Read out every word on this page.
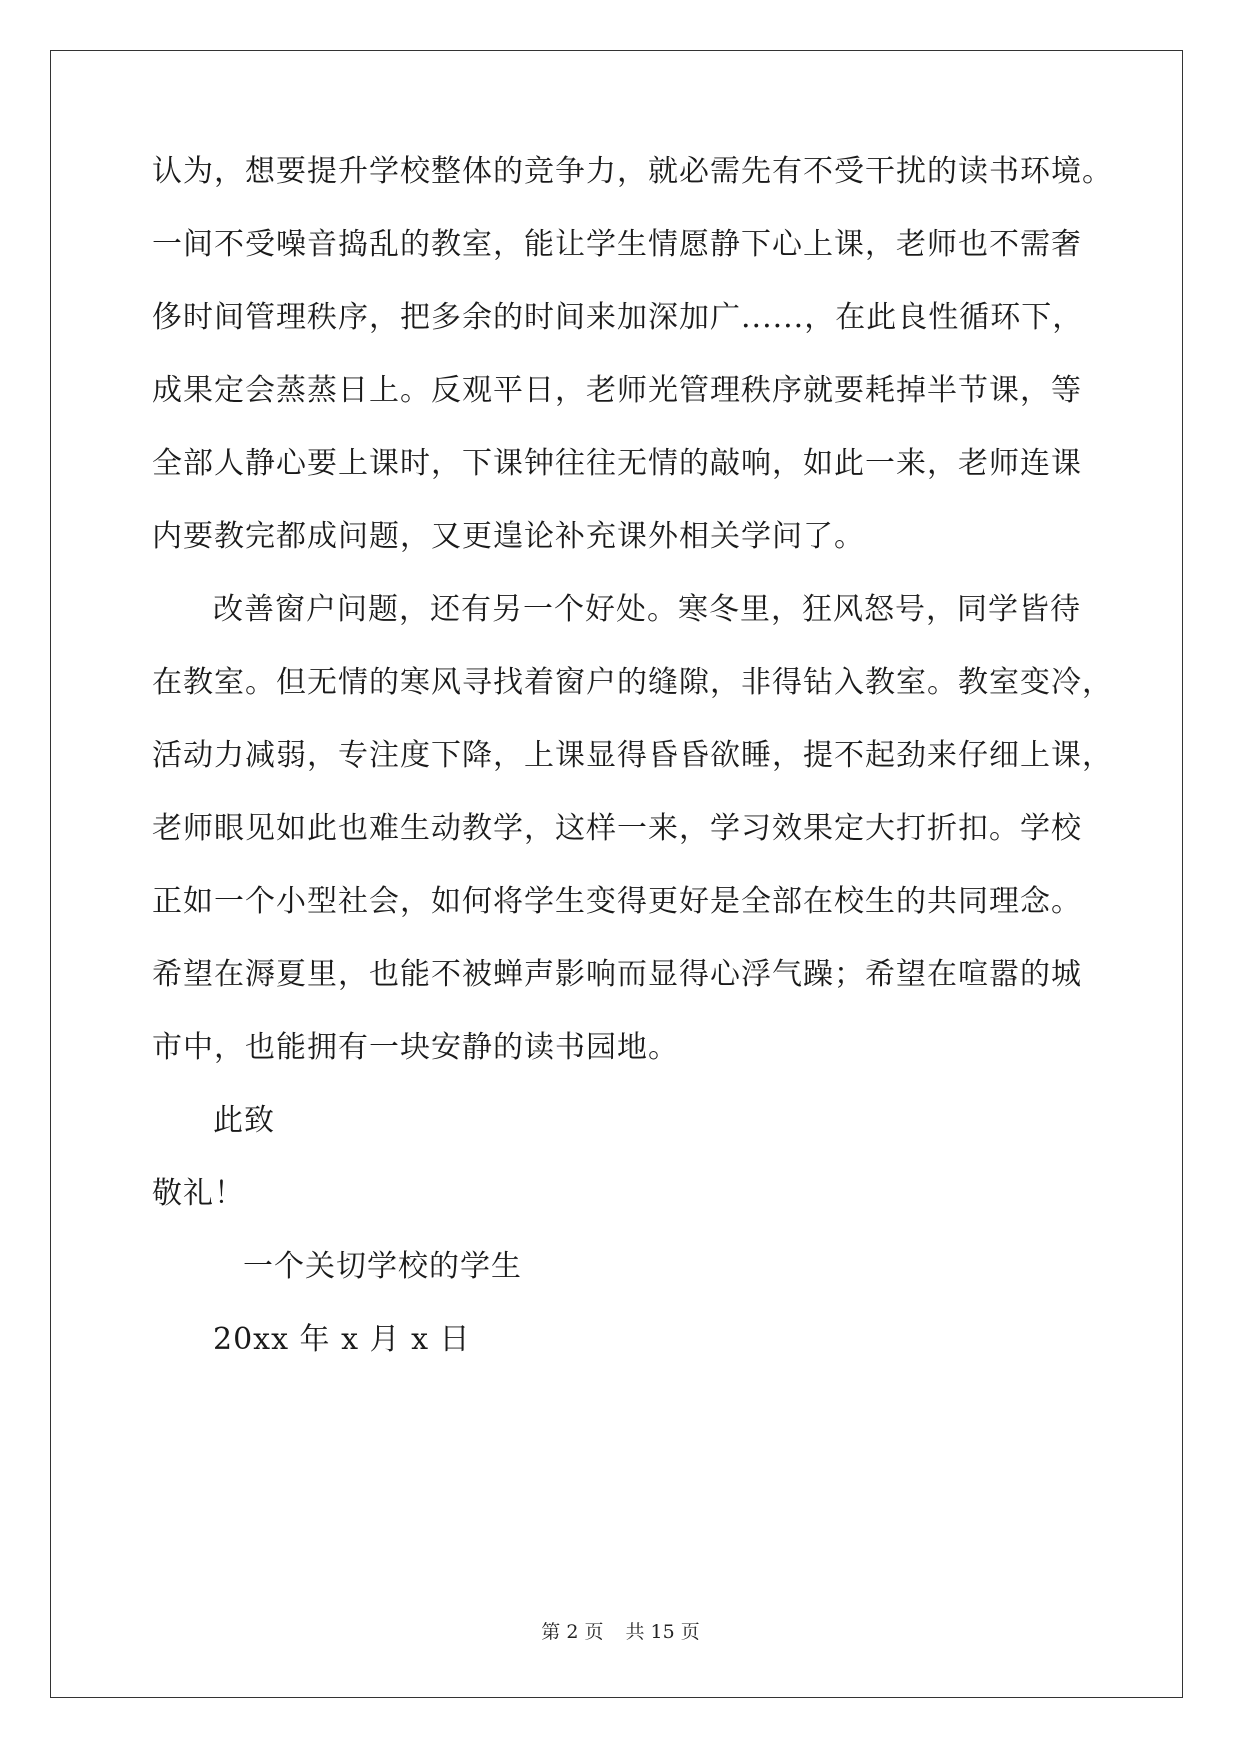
认为，想要提升学校整体的竞争力，就必需先有不受干扰的读书环境。
一间不受噪音捣乱的教室，能让学生情愿静下心上课，老师也不需奢
侈时间管理秩序，把多余的时间来加深加广......，在此良性循环下，
成果定会蒸蒸日上。反观平日，老师光管理秩序就要耗掉半节课，等
全部人静心要上课时，下课钟往往无情的敲响，如此一来，老师连课
内要教完都成问题，又更遑论补充课外相关学问了。
改善窗户问题，还有另一个好处。寒冬里，狂风怒号，同学皆待
在教室。但无情的寒风寻找着窗户的缝隙，非得钻入教室。教室变冷，
活动力减弱，专注度下降，上课显得昏昏欲睡，提不起劲来仔细上课，
老师眼见如此也难生动教学，这样一来，学习效果定大打折扣。学校
正如一个小型社会，如何将学生变得更好是全部在校生的共同理念。
希望在溽夏里，也能不被蝉声影响而显得心浮气躁；希望在喧嚣的城
市中，也能拥有一块安静的读书园地。
此致
敬礼！
一个关切学校的学生
20xx 年 x 月 x 日
第 2 页 共 15 页
